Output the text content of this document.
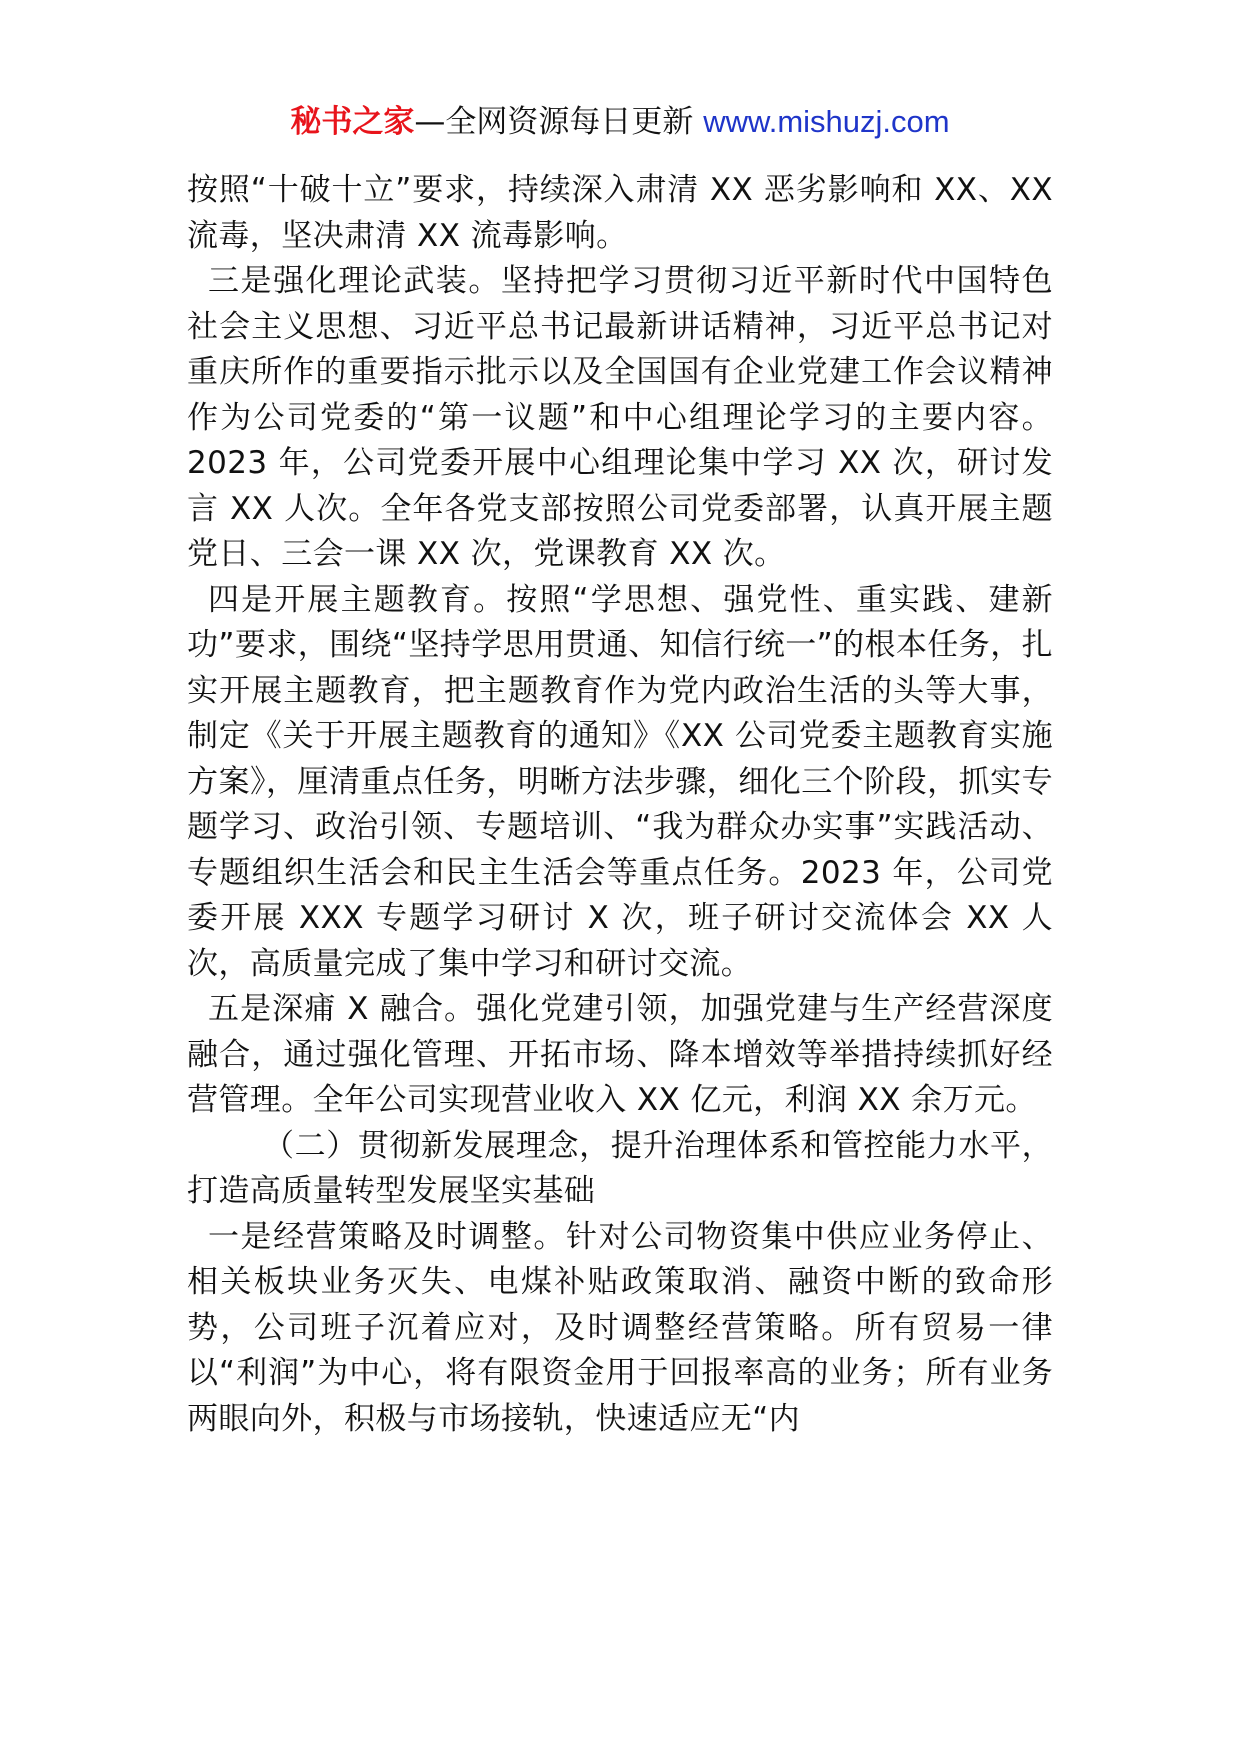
秘书之家—全网资源每日更新 www.mishuzj.com

按照“十破十立”要求，持续深入肃清 XX 恶劣影响和 XX、XX 流毒，坚决肃清 XX 流毒影响。

三是强化理论武装。坚持把学习贯彻习近平新时代中国特色社会主义思想、习近平总书记最新讲话精神，习近平总书记对重庆所作的重要指示批示以及全国国有企业党建工作会议精神作为公司党委的“第一议题”和中心组理论学习的主要内容。2023 年，公司党委开展中心组理论集中学习 XX 次，研讨发言 XX 人次。全年各党支部按照公司党委部署，认真开展主题党日、三会一课 XX 次，党课教育 XX 次。

四是开展主题教育。按照“学思想、强党性、重实践、建新功”要求，围绕“坚持学思用贯通、知信行统一”的根本任务，扎实开展主题教育，把主题教育作为党内政治生活的头等大事，制定《关于开展主题教育的通知》《XX 公司党委主题教育实施方案》，厘清重点任务，明晰方法步骤，细化三个阶段，抓实专题学习、政治引领、专题培训、“我为群众办实事”实践活动、专题组织生活会和民主生活会等重点任务。2023 年，公司党委开展 XXX 专题学习研讨 X 次，班子研讨交流体会 XX 人次，高质量完成了集中学习和研讨交流。

五是深痡 X 融合。强化党建引领，加强党建与生产经营深度融合，通过强化管理、开拓市场、降本增效等举措持续抓好经营管理。全年公司实现营业收入 XX 亿元，利润 XX 余万元。

（二）贯彻新发展理念，提升治理体系和管控能力水平，打造高质量转型发展坚实基础

一是经营策略及时调整。针对公司物资集中供应业务停止、相关板块业务灭失、电煤补贴政策取消、融资中断的致命形势，公司班子沉着应对，及时调整经营策略。所有贸易一律以“利润”为中心，将有限资金用于回报率高的业务；所有业务两眼向外，积极与市场接轨，快速适应无“内
